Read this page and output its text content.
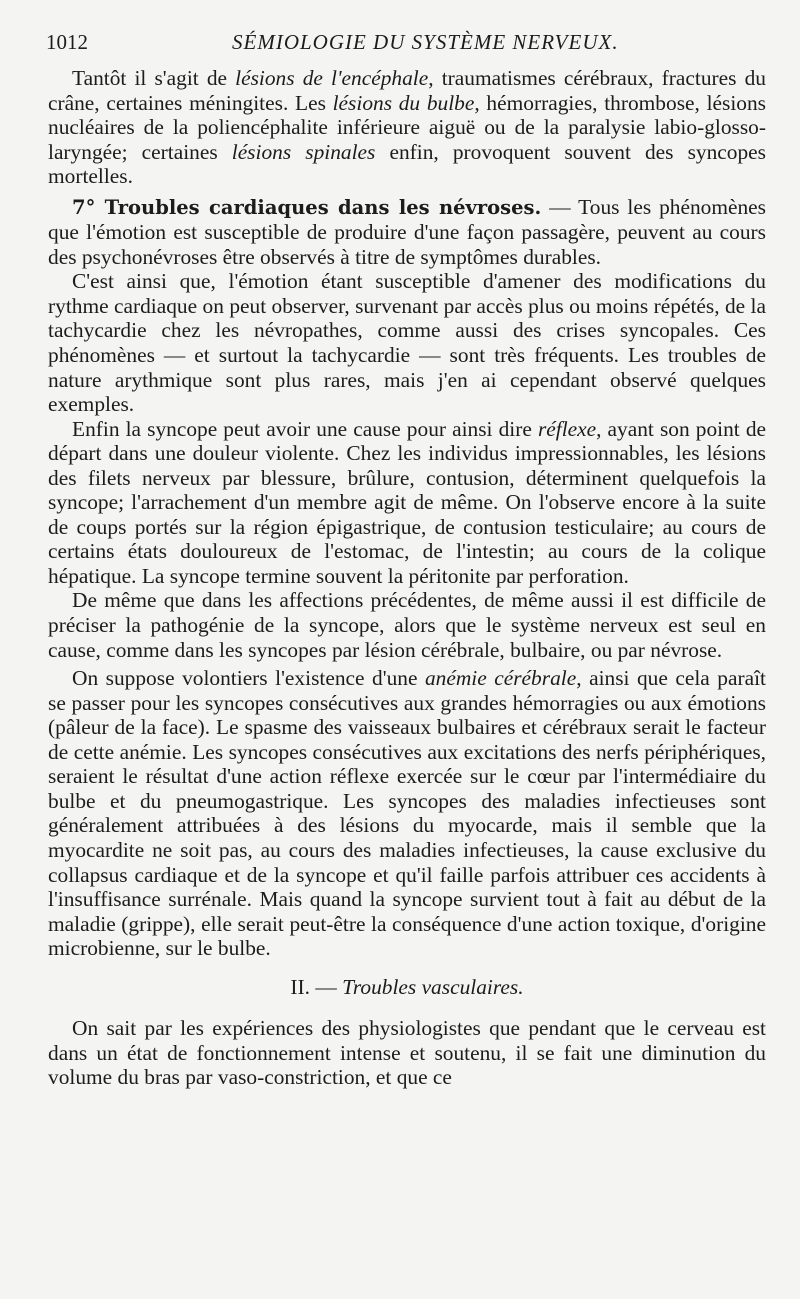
1012	SÉMIOLOGIE DU SYSTÈME NERVEUX.

Tantôt il s'agit de lésions de l'encéphale, traumatismes cérébraux, fractures du crâne, certaines méningites. Les lésions du bulbe, hémorragies, thrombose, lésions nucléaires de la poliencéphalite inférieure aiguë ou de la paralysie labio-glosso-laryngée; certaines lésions spinales enfin, provoquent souvent des syncopes mortelles.

7° Troubles cardiaques dans les névroses. — Tous les phénomènes que l'émotion est susceptible de produire d'une façon passagère, peuvent au cours des psychonévroses être observés à titre de symptômes durables.

C'est ainsi que, l'émotion étant susceptible d'amener des modifications du rythme cardiaque on peut observer, survenant par accès plus ou moins répétés, de la tachycardie chez les névropathes, comme aussi des crises syncopales. Ces phénomènes — et surtout la tachycardie — sont très fréquents. Les troubles de nature arythmique sont plus rares, mais j'en ai cependant observé quelques exemples.

Enfin la syncope peut avoir une cause pour ainsi dire réflexe, ayant son point de départ dans une douleur violente. Chez les individus impressionnables, les lésions des filets nerveux par blessure, brûlure, contusion, déterminent quelquefois la syncope; l'arrachement d'un membre agit de même. On l'observe encore à la suite de coups portés sur la région épigastrique, de contusion testiculaire; au cours de certains états douloureux de l'estomac, de l'intestin; au cours de la colique hépatique. La syncope termine souvent la péritonite par perforation.

De même que dans les affections précédentes, de même aussi il est difficile de préciser la pathogénie de la syncope, alors que le système nerveux est seul en cause, comme dans les syncopes par lésion cérébrale, bulbaire, ou par névrose.

On suppose volontiers l'existence d'une anémie cérébrale, ainsi que cela paraît se passer pour les syncopes consécutives aux grandes hémorragies ou aux émotions (pâleur de la face). Le spasme des vaisseaux bulbaires et cérébraux serait le facteur de cette anémie. Les syncopes consécutives aux excitations des nerfs périphériques, seraient le résultat d'une action réflexe exercée sur le cœur par l'intermédiaire du bulbe et du pneumogastrique. Les syncopes des maladies infectieuses sont généralement attribuées à des lésions du myocarde, mais il semble que la myocardite ne soit pas, au cours des maladies infectieuses, la cause exclusive du collapsus cardiaque et de la syncope et qu'il faille parfois attribuer ces accidents à l'insuffisance surrénale. Mais quand la syncope survient tout à fait au début de la maladie (grippe), elle serait peut-être la conséquence d'une action toxique, d'origine microbienne, sur le bulbe.

II. — Troubles vasculaires.

On sait par les expériences des physiologistes que pendant que le cerveau est dans un état de fonctionnement intense et soutenu, il se fait une diminution du volume du bras par vaso-constriction, et que ce
